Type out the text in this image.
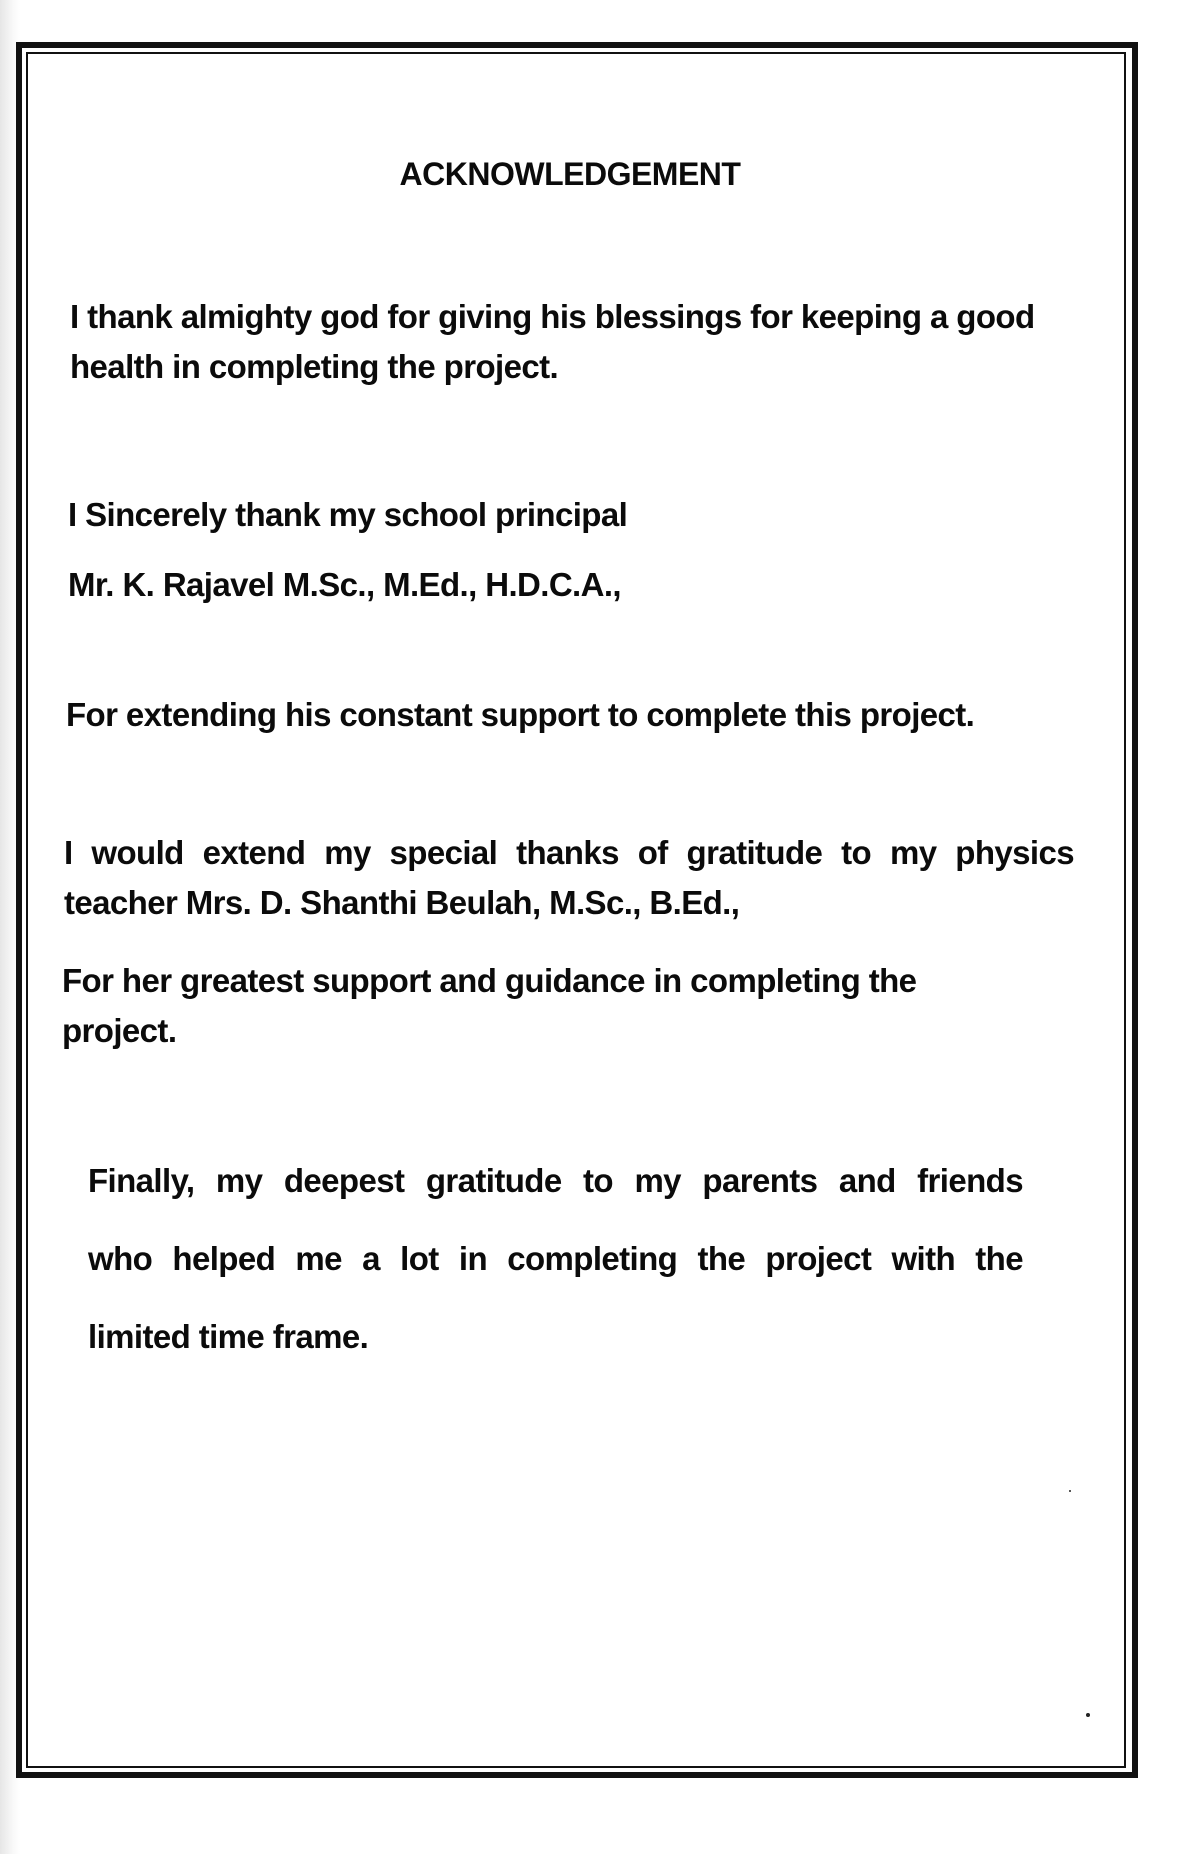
ACKNOWLEDGEMENT
I thank almighty god for giving his blessings for keeping a good
health in completing the project.
I Sincerely thank my school principal
Mr. K. Rajavel M.Sc., M.Ed., H.D.C.A.,
For extending his constant support to complete this project.
I would extend my special thanks of gratitude to my physics
teacher Mrs. D. Shanthi Beulah, M.Sc., B.Ed.,
For her greatest support and guidance in completing the
project.
Finally, my deepest gratitude to my parents and friends
who helped me a lot in completing the project with the
limited time frame.
